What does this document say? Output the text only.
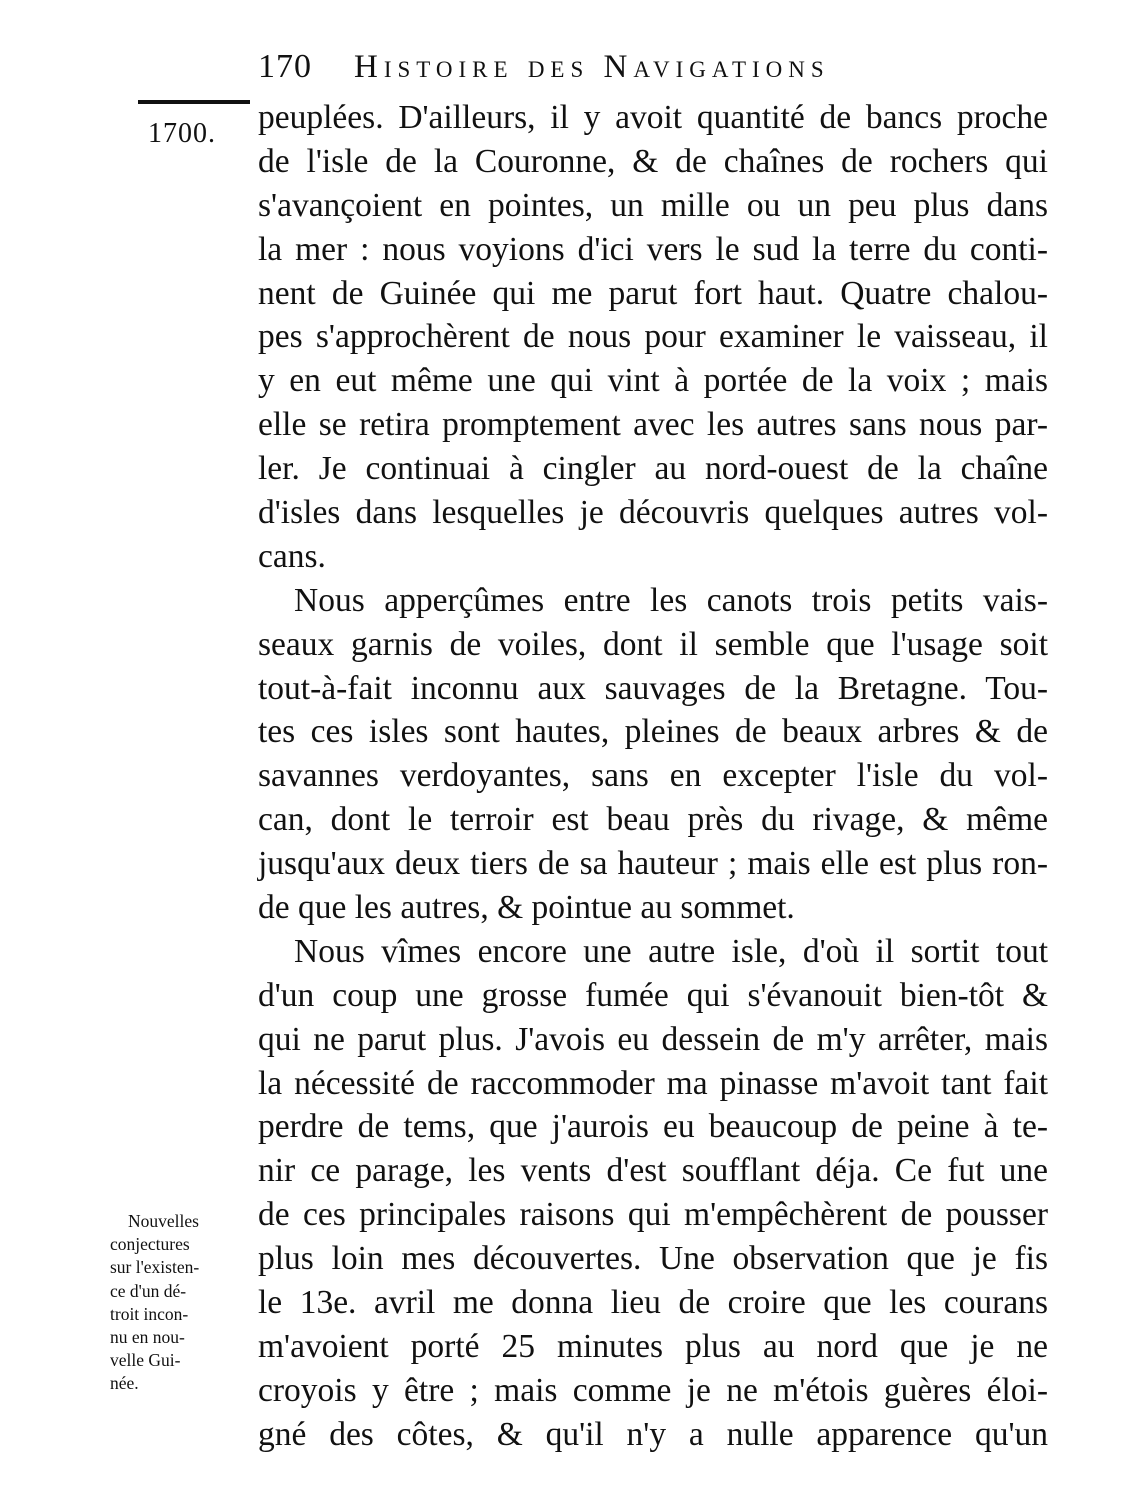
170 Histoire des Navigations
1700. peuplées. D'ailleurs, il y avoit quantité de bancs proche
de l'isle de la Couronne, & de chaînes de rochers qui
s'avançoient en pointes, un mille ou un peu plus dans
la mer : nous voyions d'ici vers le sud la terre du conti-
nent de Guinée qui me parut fort haut. Quatre chalou-
pes s'approchèrent de nous pour examiner le vaisseau, il
y en eut même une qui vint à portée de la voix ; mais
elle se retira promptement avec les autres sans nous par-
ler. Je continuai à cingler au nord-ouest de la chaîne
d'isles dans lesquelles je découvris quelques autres vol-
cans.
Nous apperçûmes entre les canots trois petits vais-
seaux garnis de voiles, dont il semble que l'usage soit
tout-à-fait inconnu aux sauvages de la Bretagne. Tou-
tes ces isles sont hautes, pleines de beaux arbres & de
savannes verdoyantes, sans en excepter l'isle du vol-
can, dont le terroir est beau près du rivage, & même
jusqu'aux deux tiers de sa hauteur ; mais elle est plus ron-
de que les autres, & pointue au sommet.
Nous vîmes encore une autre isle, d'où il sortit tout
d'un coup une grosse fumée qui s'évanouit bien-tôt &
qui ne parut plus. J'avois eu dessein de m'y arrêter, mais
la nécessité de raccommoder ma pinasse m'avoit tant fait
perdre de tems, que j'aurois eu beaucoup de peine à te-
nir ce parage, les vents d'est soufflant déja. Ce fut une
de ces principales raisons qui m'empêchèrent de pousser
plus loin mes découvertes. Une observation que je fis
le 13e. avril me donna lieu de croire que les courans
m'avoient porté 25 minutes plus au nord que je ne
croyois y être ; mais comme je ne m'étois guères éloi-
gné des côtes, & qu'il n'y a nulle apparence qu'un
Nouvelles
conjectures
sur l'existen-
ce d'un dé-
troit incon-
nu en nou-
velle Gui-
née.
